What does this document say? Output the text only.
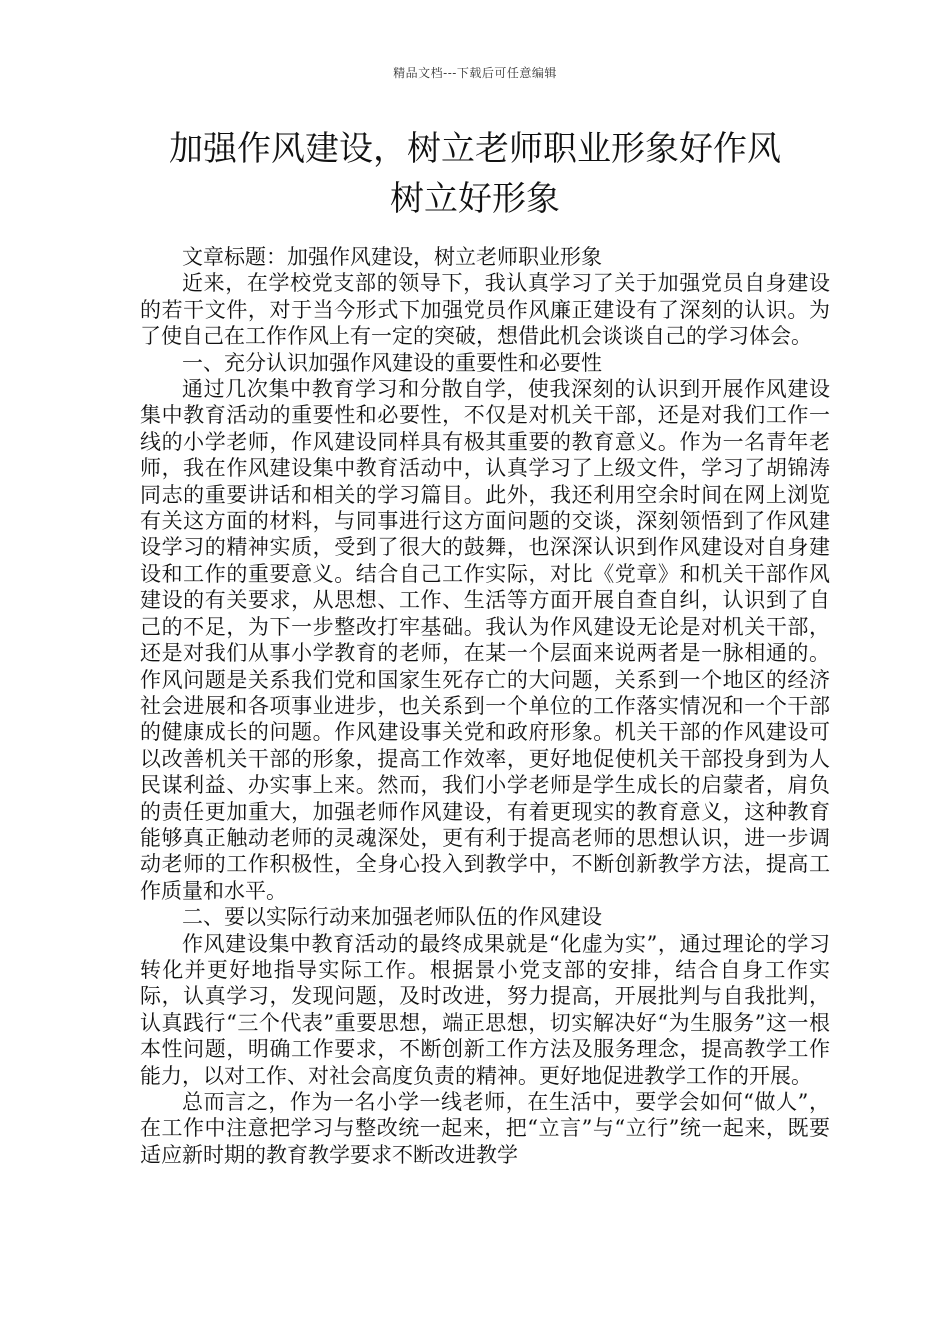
精品文档---下载后可任意编辑
加强作风建设，树立老师职业形象好作风
树立好形象

文章标题：加强作风建设，树立老师职业形象

近来，在学校党支部的领导下，我认真学习了关于加强党员自身建设的若干文件，对于当今形式下加强党员作风廉正建设有了深刻的认识。为了使自己在工作作风上有一定的突破，想借此机会谈谈自己的学习体会。

一、充分认识加强作风建设的重要性和必要性

通过几次集中教育学习和分散自学，使我深刻的认识到开展作风建设集中教育活动的重要性和必要性，不仅是对机关干部，还是对我们工作一线的小学老师，作风建设同样具有极其重要的教育意义。作为一名青年老师，我在作风建设集中教育活动中，认真学习了上级文件，学习了胡锦涛同志的重要讲话和相关的学习篇目。此外，我还利用空余时间在网上浏览有关这方面的材料，与同事进行这方面问题的交谈，深刻领悟到了作风建设学习的精神实质，受到了很大的鼓舞，也深深认识到作风建设对自身建设和工作的重要意义。结合自己工作实际，对比《党章》和机关干部作风建设的有关要求，从思想、工作、生活等方面开展自查自纠，认识到了自己的不足，为下一步整改打牢基础。我认为作风建设无论是对机关干部，还是对我们从事小学教育的老师，在某一个层面来说两者是一脉相通的。作风问题是关系我们党和国家生死存亡的大问题，关系到一个地区的经济社会进展和各项事业进步，也关系到一个单位的工作落实情况和一个干部的健康成长的问题。作风建设事关党和政府形象。机关干部的作风建设可以改善机关干部的形象，提高工作效率，更好地促使机关干部投身到为人民谋利益、办实事上来。然而，我们小学老师是学生成长的启蒙者，肩负的责任更加重大，加强老师作风建设，有着更现实的教育意义，这种教育能够真正触动老师的灵魂深处，更有利于提高老师的思想认识，进一步调动老师的工作积极性，全身心投入到教学中，不断创新教学方法，提高工作质量和水平。

二、要以实际行动来加强老师队伍的作风建设

作风建设集中教育活动的最终成果就是“化虚为实”，通过理论的学习转化并更好地指导实际工作。根据景小党支部的安排，结合自身工作实际，认真学习，发现问题，及时改进，努力提高，开展批判与自我批判，认真践行“三个代表”重要思想，端正思想，切实解决好“为生服务”这一根本性问题，明确工作要求，不断创新工作方法及服务理念，提高教学工作能力，以对工作、对社会高度负责的精神。更好地促进教学工作的开展。

总而言之，作为一名小学一线老师，在生活中，要学会如何“做人”，在工作中注意把学习与整改统一起来，把“立言”与“立行”统一起来，既要适应新时期的教育教学要求不断改进教学
